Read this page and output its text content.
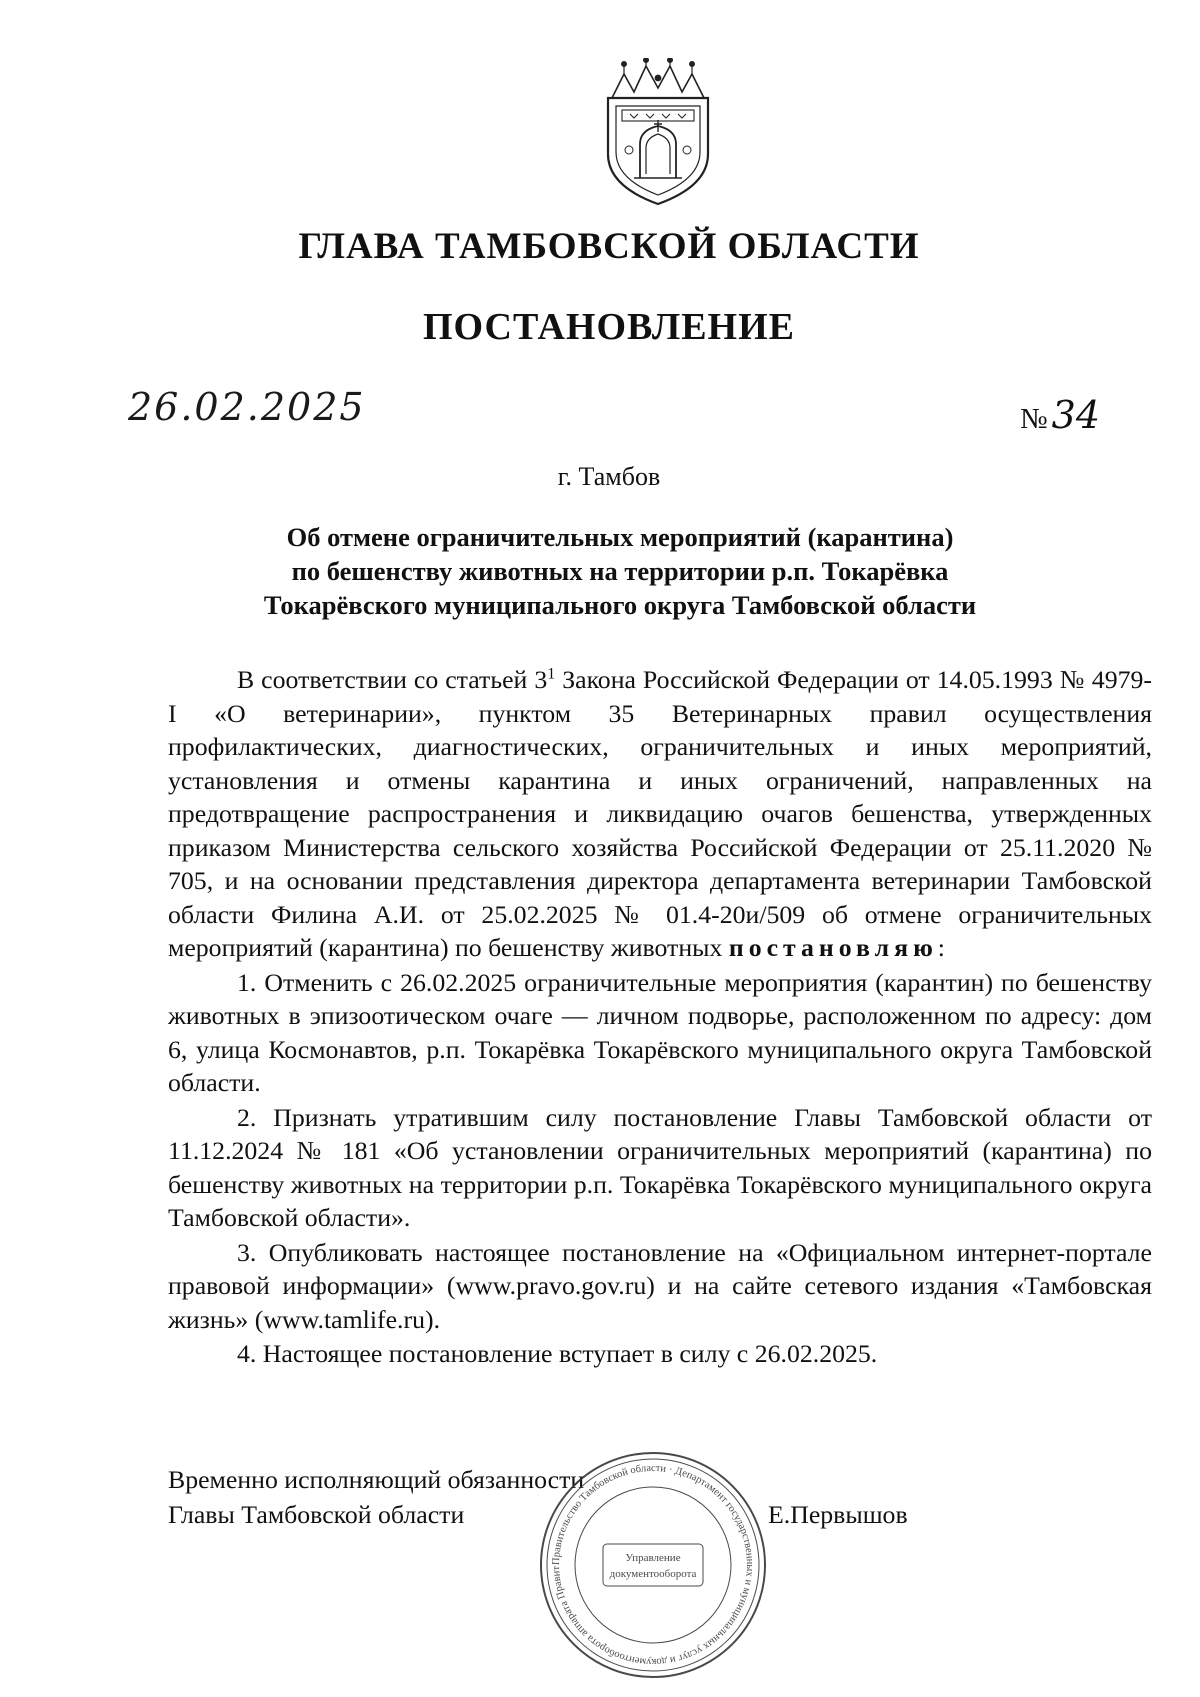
ГЛАВА ТАМБОВСКОЙ ОБЛАСТИ
ПОСТАНОВЛЕНИЕ
26.02.2025	№ 34
г. Тамбов
Об отмене ограничительных мероприятий (карантина)
по бешенству животных на территории р.п. Токарёвка
Токарёвского муниципального округа Тамбовской области

В соответствии со статьей $3^1$ Закона Российской Федерации от 14.05.1993 № 4979-I «О ветеринарии», пунктом 35 Ветеринарных правил осуществления профилактических, диагностических, ограничительных и иных мероприятий, установления и отмены карантина и иных ограничений, направленных на предотвращение распространения и ликвидацию очагов бешенства, утвержденных приказом Министерства сельского хозяйства Российской Федерации от 25.11.2020 № 705, и на основании представления директора департамента ветеринарии Тамбовской области Филина А.И. от 25.02.2025 № 01.4-20и/509 об отмене ограничительных мероприятий (карантина) по бешенству животных постановляю:

1. Отменить с 26.02.2025 ограничительные мероприятия (карантин) по бешенству животных в эпизоотическом очаге — личном подворье, расположенном по адресу: дом 6, улица Космонавтов, р.п. Токарёвка Токарёвского муниципального округа Тамбовской области.

2. Признать утратившим силу постановление Главы Тамбовской области от 11.12.2024 № 181 «Об установлении ограничительных мероприятий (карантина) по бешенству животных на территории р.п. Токарёвка Токарёвского муниципального округа Тамбовской области».

3. Опубликовать настоящее постановление на «Официальном интернет-портале правовой информации» (www.pravo.gov.ru) и на сайте сетевого издания «Тамбовская жизнь» (www.tamlife.ru).

4. Настоящее постановление вступает в силу с 26.02.2025.

Временно исполняющий обязанности
Главы Тамбовской области	Е.Первышов
Правительство Тамбовской области · Департамент государственных и муниципальных услуг и документооборота аппарата Правит
Управление
документооборота
